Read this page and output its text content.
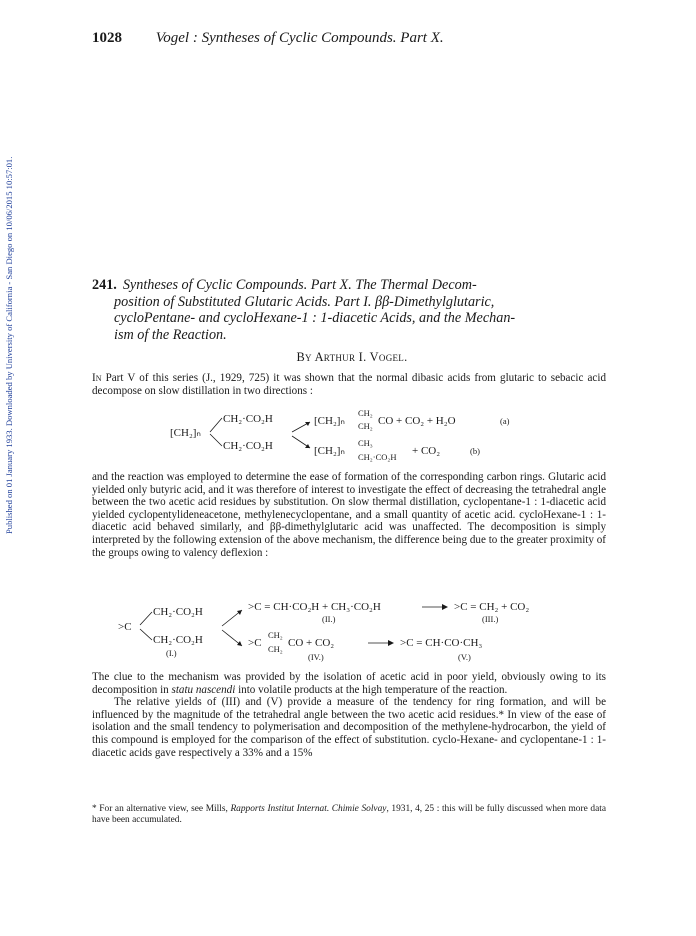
Published on 01 January 1933. Downloaded by University of California - San Diego on 10/06/2015 10:57:01.
1028 Vogel : Syntheses of Cyclic Compounds. Part X.
241. Syntheses of Cyclic Compounds. Part X. The Thermal Decom-
position of Substituted Glutaric Acids. Part I. ββ-Dimethylglutaric,
cycloPentane- and cycloHexane-1 : 1-diacetic Acids, and the Mechan-
ism of the Reaction.
By Arthur I. Vogel.
In Part V of this series (J., 1929, 725) it was shown that the normal dibasic acids from glutaric to sebacic acid decompose on slow distillation in two directions :
[CH₂]ₙ
CH₂·CO₂H
CH₂·CO₂H
[CH₂]ₙ
CH₂
CH₂ CO + CO₂ + H₂O	(a)
[CH₂]ₙ
CH₃
CH₂·CO₂H + CO₂	(b)
and the reaction was employed to determine the ease of formation of the corresponding carbon rings. Glutaric acid yielded only butyric acid, and it was therefore of interest to investigate the effect of decreasing the tetrahedral angle between the two acetic acid residues by substitution. On slow thermal distillation, cyclopentane-1 : 1-diacetic acid yielded cyclopentylideneacetone, methylenecyclopentane, and a small quantity of acetic acid. cycloHexane-1 : 1-diacetic acid behaved similarly, and ββ-dimethylglutaric acid was unaffected. The decomposition is simply interpreted by the following extension of the above mechanism, the difference being due to the greater proximity of the groups owing to valency deflexion :
>C
CH₂·CO₂H
CH₂·CO₂H
(I.)
>C = CH·CO₂H + CH₃·CO₂H
(II.)
>C = CH₂ + CO₂
(III.)
>C
CH₂
CH₂ CO + CO₂
(IV.)
>C = CH·CO·CH₃
(V.)
The clue to the mechanism was provided by the isolation of acetic acid in poor yield, obviously owing to its decomposition in statu nascendi into volatile products at the high temperature of the reaction.
The relative yields of (III) and (V) provide a measure of the tendency for ring formation, and will be influenced by the magnitude of the tetrahedral angle between the two acetic acid residues.* In view of the ease of isolation and the small tendency to polymerisation and decomposition of the methylene-hydrocarbon, the yield of this compound is employed for the comparison of the effect of substitution. cyclo-Hexane- and cyclopentane-1 : 1-diacetic acids gave respectively a 33% and a 15%
* For an alternative view, see Mills, Rapports Institut Internat. Chimie Solvay, 1931, 4, 25 : this will be fully discussed when more data have been accumulated.
